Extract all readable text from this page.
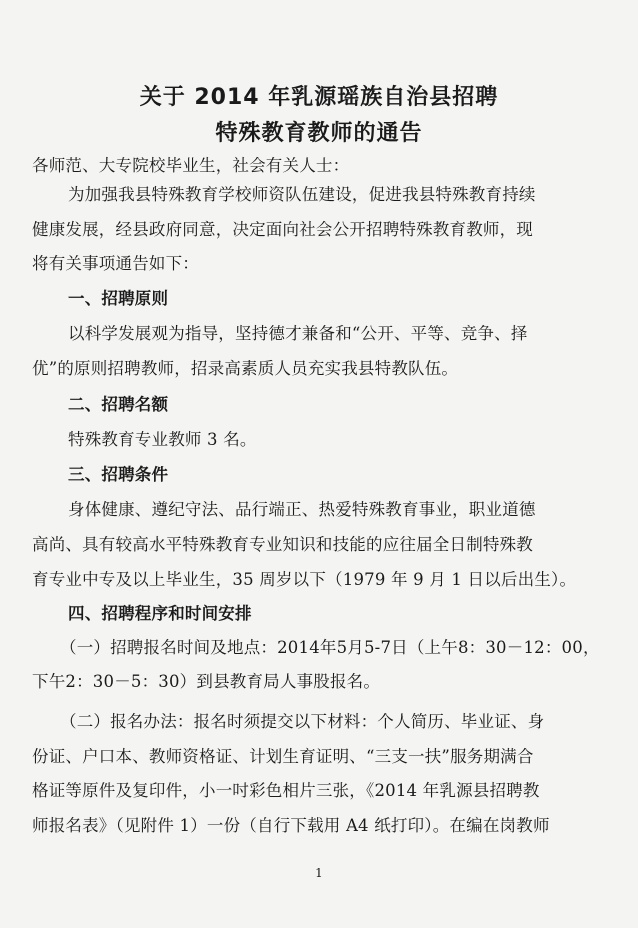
关于 2014 年乳源瑶族自治县招聘
特殊教育教师的通告
各师范、大专院校毕业生，社会有关人士：
为加强我县特殊教育学校师资队伍建设，促进我县特殊教育持续
健康发展，经县政府同意，决定面向社会公开招聘特殊教育教师，现
将有关事项通告如下：
一、招聘原则
以科学发展观为指导，坚持德才兼备和“公开、平等、竞争、择
优”的原则招聘教师，招录高素质人员充实我县特教队伍。
二、招聘名额
特殊教育专业教师 3 名。
三、招聘条件
身体健康、遵纪守法、品行端正、热爱特殊教育事业，职业道德
高尚、具有较高水平特殊教育专业知识和技能的应往届全日制特殊教
育专业中专及以上毕业生，35 周岁以下（1979 年 9 月 1 日以后出生）。
四、招聘程序和时间安排
（一）招聘报名时间及地点：2014年5月5-7日（上午8：30－12：00，
下午2：30－5：30）到县教育局人事股报名。
（二）报名办法：报名时须提交以下材料：个人简历、毕业证、身
份证、户口本、教师资格证、计划生育证明、“三支一扶”服务期满合
格证等原件及复印件，小一吋彩色相片三张，《2014 年乳源县招聘教
师报名表》（见附件 1）一份（自行下载用 A4 纸打印）。在编在岗教师
1
